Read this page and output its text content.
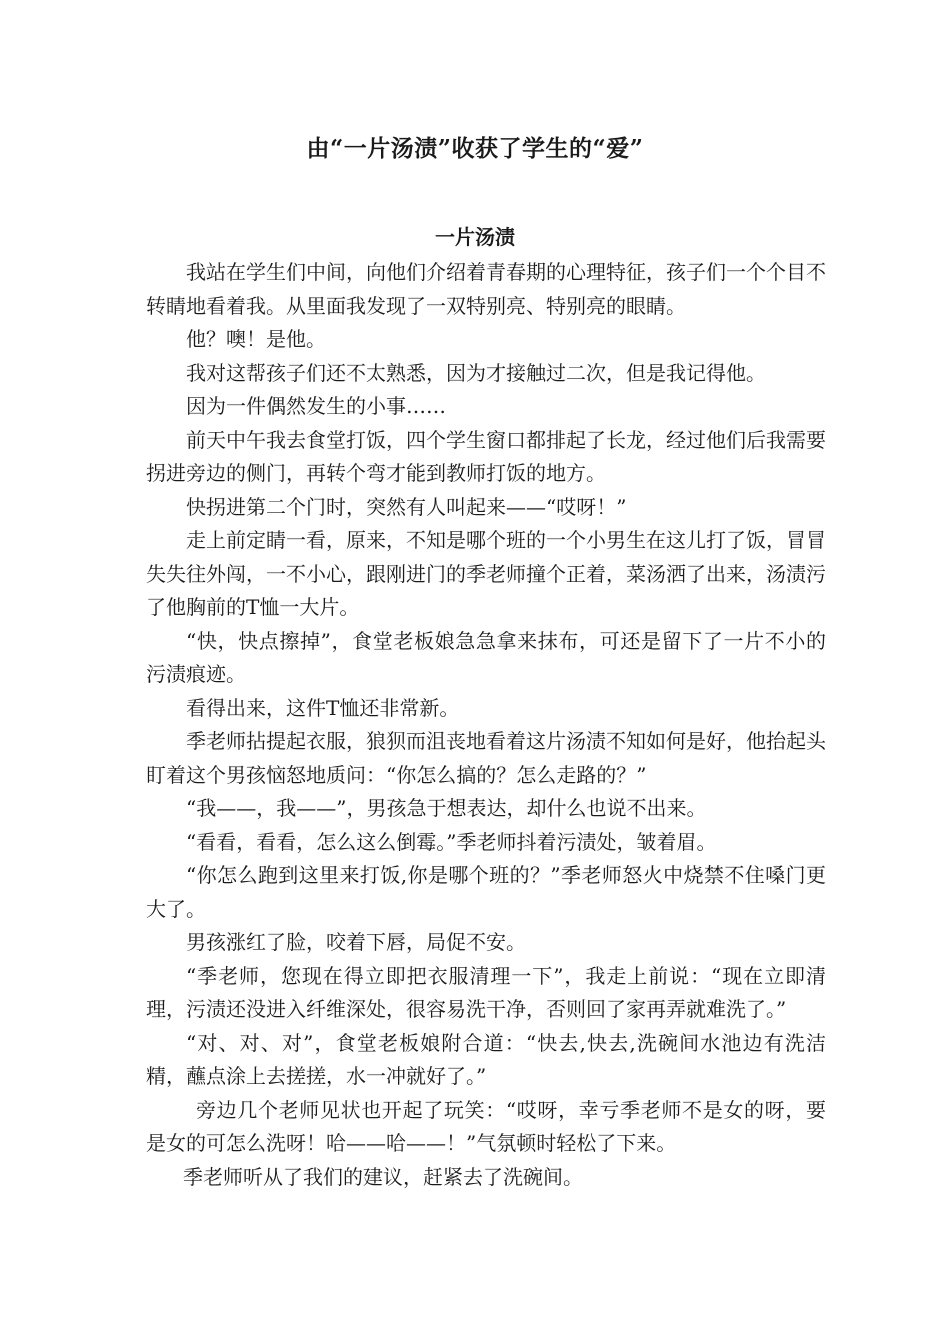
由“一片汤渍”收获了学生的“爱”
一片汤渍

我站在学生们中间，向他们介绍着青春期的心理特征，孩子们一个个目不转睛地看着我。从里面我发现了一双特别亮、特别亮的眼睛。

他？噢！是他。

我对这帮孩子们还不太熟悉，因为才接触过二次，但是我记得他。

因为一件偶然发生的小事……

前天中午我去食堂打饭，四个学生窗口都排起了长龙，经过他们后我需要拐进旁边的侧门，再转个弯才能到教师打饭的地方。

快拐进第二个门时，突然有人叫起来——“哎呀！”

走上前定睛一看，原来，不知是哪个班的一个小男生在这儿打了饭，冒冒失失往外闯，一不小心，跟刚进门的季老师撞个正着，菜汤洒了出来，汤渍污了他胸前的T恤一大片。

“快，快点擦掉”，食堂老板娘急急拿来抹布，可还是留下了一片不小的污渍痕迹。

看得出来，这件T恤还非常新。

季老师拈提起衣服，狼狈而沮丧地看着这片汤渍不知如何是好，他抬起头盯着这个男孩恼怒地质问：“你怎么搞的？怎么走路的？”

“我——，我——”，男孩急于想表达，却什么也说不出来。

“看看，看看，怎么这么倒霉。”季老师抖着污渍处，皱着眉。

“你怎么跑到这里来打饭,你是哪个班的？”季老师怒火中烧禁不住嗓门更大了。

男孩涨红了脸，咬着下唇，局促不安。

“季老师，您现在得立即把衣服清理一下”，我走上前说：“现在立即清理，污渍还没进入纤维深处，很容易洗干净，否则回了家再弄就难洗了。”

“对、对、对”，食堂老板娘附合道：“快去,快去,洗碗间水池边有洗洁精，蘸点涂上去搓搓，水一冲就好了。”

旁边几个老师见状也开起了玩笑：“哎呀，幸亏季老师不是女的呀，要是女的可怎么洗呀！哈——哈——！”气氛顿时轻松了下来。

季老师听从了我们的建议，赶紧去了洗碗间。
